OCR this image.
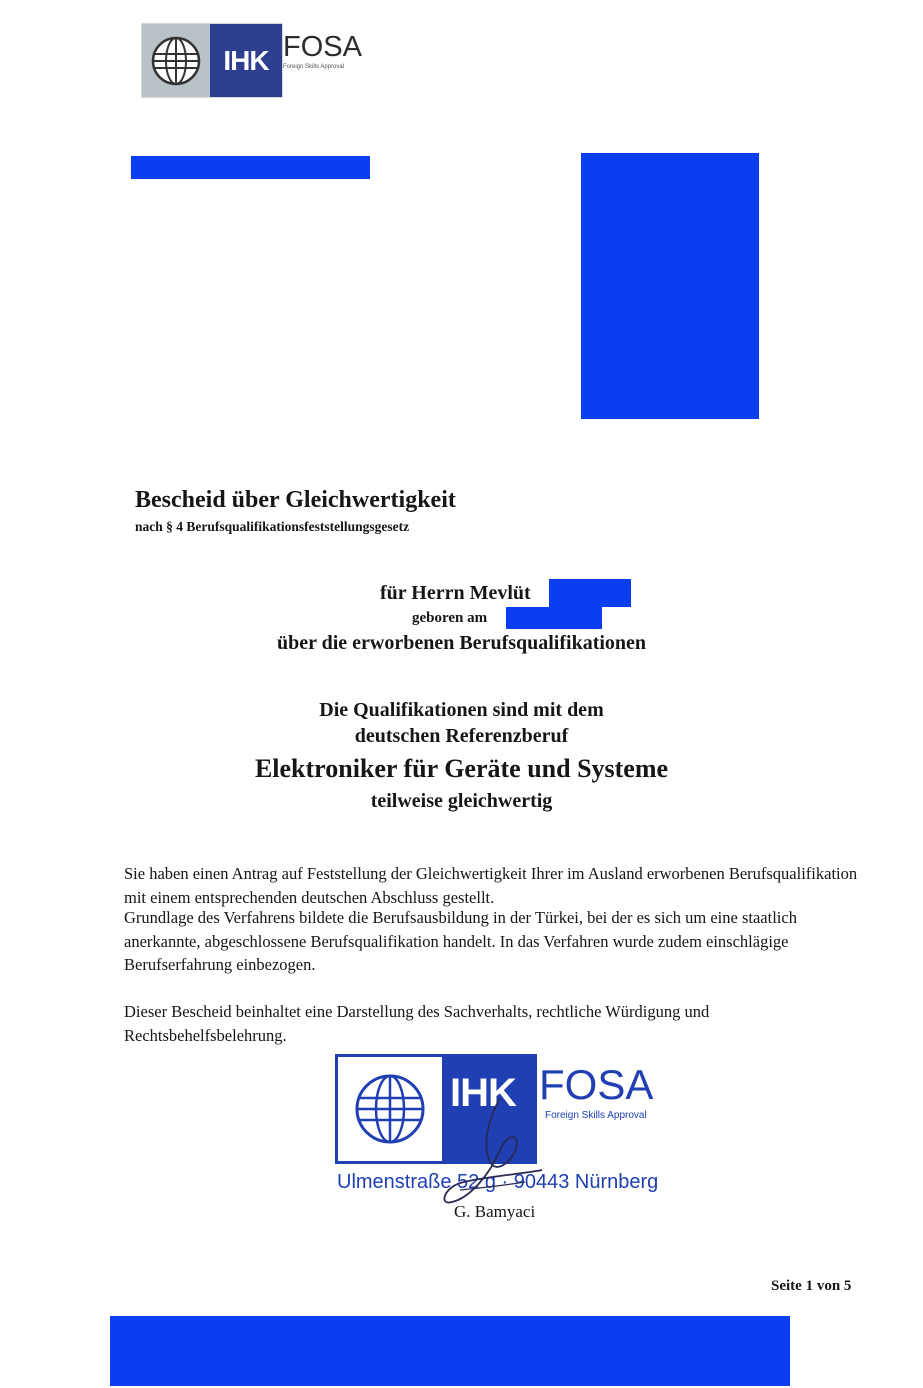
IHK FOSA
Foreign Skills Approval
Bescheid über Gleichwertigkeit
nach § 4 Berufsqualifikationsfeststellungsgesetz
für Herrn Mevlüt
geboren am
über die erworbenen Berufsqualifikationen
Die Qualifikationen sind mit dem
deutschen Referenzberuf
Elektroniker für Geräte und Systeme
teilweise gleichwertig
Sie haben einen Antrag auf Feststellung der Gleichwertigkeit Ihrer im Ausland erworbenen Berufsqualifikation mit einem entsprechenden deutschen Abschluss gestellt.
Grundlage des Verfahrens bildete die Berufsausbildung in der Türkei, bei der es sich um eine staatlich anerkannte, abgeschlossene Berufsqualifikation handelt. In das Verfahren wurde zudem einschlägige Berufserfahrung einbezogen.
Dieser Bescheid beinhaltet eine Darstellung des Sachverhalts, rechtliche Würdigung und Rechtsbehelfsbelehrung.
IHK FOSA
Foreign Skills Approval
Ulmenstraße 52 g · 90443 Nürnberg
G. Bamyaci
Seite 1 von 5
